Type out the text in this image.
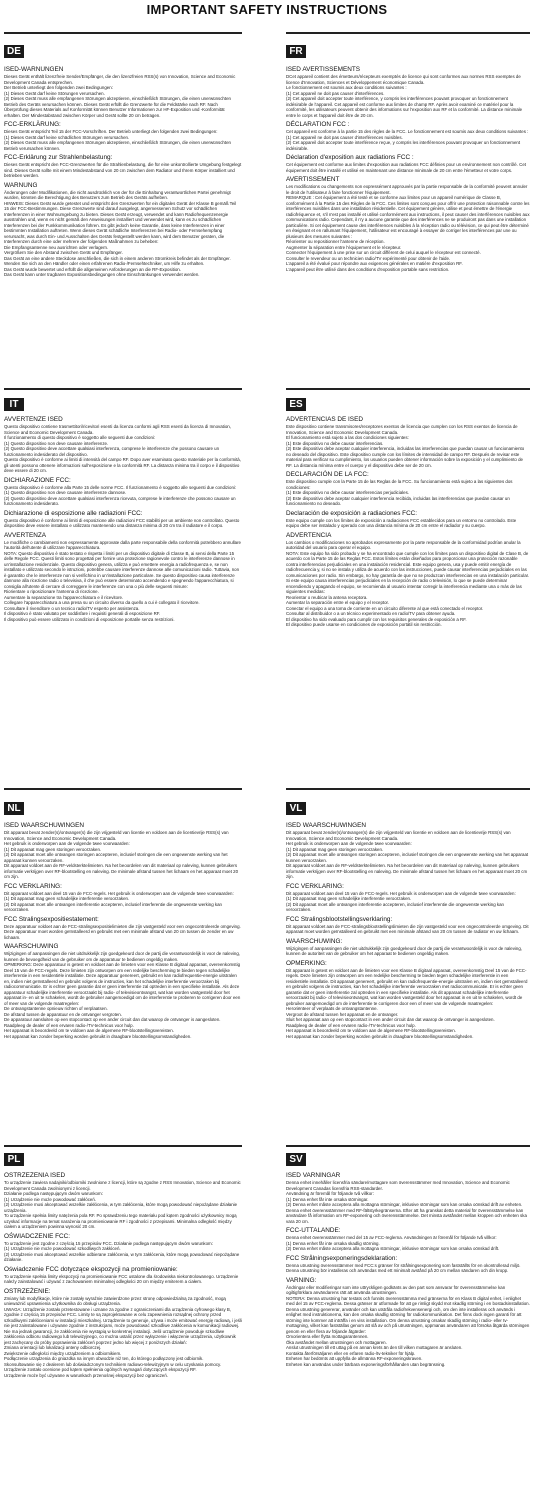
IMPORTANT SAFETY INSTRUCTIONS
DE	FR
ISED-WARNUNGEN
Dieses Gerät enthält lizenzfreie Sender/Empfänger, die den lizenzfreien RSS(s) von Innovation, Science and Economic Development Canada entsprechen.
Der Betrieb unterliegt den folgenden zwei Bedingungen:
(1) Dieses Gerät darf keine Störungen verursachen.
(2) Dieses Gerät muss alle empfangenen Störungen akzeptieren, einschließlich Störungen, die einen unerwünschten Betrieb des Geräts verursachen können. Dieses Gerät erfüllt die Grenzwerte für die Feldstärke nach RF. Nach Überprüfung dieses Materials auf Konformität können Benutzer Informationen zur HF-Exposition und -Konformität erhalten. Der Mindestabstand zwischen Körper und Gerät sollte 20 cm betragen.
FCC-ERKLÄRUNG:
Dieses Gerät entspricht Teil 15 der FCC-Vorschriften. Der Betrieb unterliegt den folgenden zwei Bedingungen:
(1) Dieses Gerät darf keine schädlichen Störungen verursachen.
(2) Dieses Gerät muss alle empfangenen Störungen akzeptieren, einschließlich Störungen, die einen unerwünschten Betrieb verursachen können.
FCC-Erklärung zur Strahlenbelastung:
Dieses Gerät entspricht den FCC-Grenzwerten für die Strahlenbelastung, die für eine unkontrollierte Umgebung festgelegt sind. Dieses Gerät sollte mit einem Mindestabstand von 20 cm zwischen dem Radiator und Ihrem Körper installiert und betrieben werden.
WARNUNG
Änderungen oder Modifikationen, die nicht ausdrücklich von der für die Einhaltung verantwortlichen Partei genehmigt wurden, könnten die Berechtigung des Benutzers zum Betrieb des Geräts aufheben.
HINWEIS: Dieses Gerät wurde getestet und entspricht den Grenzwerten für ein digitales Gerät der Klasse B gemäß Teil 15 der FCC-Bestimmungen. Diese Grenzwerte sind darauf ausgelegt, angemessenen Schutz vor schädlichen Interferenzen in einer Wohnumgebung zu bieten. Dieses Gerät erzeugt, verwendet und kann Radiofrequenzenergie ausstrahlen und, wenn es nicht gemäß den Anweisungen installiert und verwendet wird, kann es zu schädlichen Interferenzen bei der Funkkommunikation führen. Es gibt jedoch keine Garantie, dass keine Interferenzen in einer bestimmten Installation auftreten. Wenn dieses Gerät schädliche Interferenzen bei Radio- oder Fernsehempfang verursacht, was durch Ein- und Ausschalten des Geräts festgestellt werden kann, wird dem Benutzer geraten, die Interferenzen durch eine oder mehrere der folgenden Maßnahmen zu beheben:
Die Empfangsantenne neu ausrichten oder verlagern.
Vergrößern Sie den Abstand zwischen Gerät und Empfänger.
Das Gerät an eine andere Steckdose anschließen, die sich in einem anderen Stromkreis befindet als der Empfänger.
Wenden Sie sich an den Händler oder einen erfahrenen Radio-/Fernsehtechniker, um Hilfe zu erhalten.
Das Gerät wurde bewertet und erfüllt die allgemeinen Anforderungen an die RF-Exposition.
Das Gerät kann unter tragbaren Expositionsbedingungen ohne Einschränkungen verwendet werden.
ISED AVERTISSEMENTS
DCet appareil contient des émetteurs/récepteurs exemptés de licence qui sont conformes aux normes RSS exemptes de licence d'Innovation, Sciences et Développement économique Canada.
Le fonctionnement est soumis aux deux conditions suivantes :
(1) Cet appareil ne doit pas causer d'interférences.
(2) Cet appareil doit accepter toute interférence, y compris les interférences pouvant provoquer un fonctionnement indésirable de l'appareil. Cet appareil est conforme aux limites de champ RF. Après avoir examiné ce matériel pour la conformité, les utilisateurs peuvent obtenir des informations sur l'exposition aux RF et la conformité. La distance minimale entre le corps et l'appareil doit être de 20 cm.
DÉCLARATION FCC :
Cet appareil est conforme à la partie 15 des règles de la FCC. Le fonctionnement est soumis aux deux conditions suivantes :
(1) Cet appareil ne doit pas causer d'interférences nuisibles.
(2) Cet appareil doit accepter toute interférence reçue, y compris les interférences pouvant provoquer un fonctionnement indésirable.
Déclaration d'exposition aux radiations FCC :
Cet équipement est conforme aux limites d'exposition aux radiations FCC définies pour un environnement non contrôlé. Cet équipement doit être installé et utilisé en maintenant une distance minimale de 20 cm entre l'émetteur et votre corps.
AVERTISSEMENT
Les modifications ou changements non expressément approuvés par la partie responsable de la conformité peuvent annuler le droit de l'utilisateur à faire fonctionner l'équipement.
REMARQUE : Cet équipement a été testé et se conforme aux limites pour un appareil numérique de Classe B, conformément à la Partie 15 des Règles de la FCC. Ces limites sont conçues pour offrir une protection raisonnable contre les interférences nuisibles dans une installation résidentielle. Cet équipement génère, utilise et peut émettre de l'énergie radiofréquence et, s'il n'est pas installé et utilisé conformément aux instructions, il peut causer des interférences nuisibles aux communications radio. Cependant, il n'y a aucune garantie que des interférences ne se produiront pas dans une installation particulière. Si cet équipement cause des interférences nuisibles à la réception radio ou télévision, ce qui peut être déterminé en éteignant et en rallumant l'équipement, l'utilisateur est encouragé à essayer de corriger les interférences par une ou plusieurs des mesures suivantes :
Réorienter ou repositionner l'antenne de réception.
Augmenter la séparation entre l'équipement et le récepteur.
Connecter l'équipement à une prise sur un circuit différent de celui auquel le récepteur est connecté.
Consulter le revendeur ou un technicien radio/TV expérimenté pour obtenir de l'aide.
L'appareil a été évalué pour répondre aux exigences générales en matière d'exposition RF.
L'appareil peut être utilisé dans des conditions d'exposition portable sans restriction.
IT	ES
AVVERTENZE ISED
Questo dispositivo contiene trasmettitori/ricevitori esenti da licenza conformi agli RSS esenti da licenza di Innovation, Science and Economic Development Canada.
Il funzionamento di questo dispositivo è soggetto alle seguenti due condizioni:
(1) Questo dispositivo non deve causare interferenze.
(2) Questo dispositivo deve accettare qualsiasi interferenza, comprese le interferenze che possono causare un funzionamento indesiderato del dispositivo.
Questo dispositivo è conforme ai limiti di intensità del campo RF. Dopo aver esaminato questo materiale per la conformità, gli utenti possono ottenere informazioni sull'esposizione e la conformità RF. La distanza minima tra il corpo e il dispositivo deve essere di 20 cm.
DICHIARAZIONE FCC:
Questo dispositivo è conforme alla Parte 15 delle norme FCC. Il funzionamento è soggetto alle seguenti due condizioni:
(1) Questo dispositivo non deve causare interferenze dannose.
(2) Questo dispositivo deve accettare qualsiasi interferenza ricevuta, comprese le interferenze che possono causare un funzionamento indesiderato.
Dichiarazione di esposizione alle radiazioni FCC:
Questo dispositivo è conforme ai limiti di esposizione alle radiazioni FCC stabiliti per un ambiente non controllato. Questo dispositivo deve essere installato e utilizzato mantenendo una distanza minima di 20 cm tra il radiatore e il corpo.
AVVERTENZA
Le modifiche o cambiamenti non espressamente approvate dalla parte responsabile della conformità potrebbero annullare l'autorità dell'utente di utilizzare l'apparecchiatura.
NOTA: Questo dispositivo è stato testato e rispetta i limiti per un dispositivo digitale di Classe B, ai sensi della Parte 15 delle Regole FCC. Questi limiti sono progettati per fornire una protezione ragionevole contro le interferenze dannose in un'installazione residenziale. Questo dispositivo genera, utilizza e può emettere energia a radiofrequenza e, se non installato e utilizzato secondo le istruzioni, potrebbe causare interferenze dannose alle comunicazioni radio. Tuttavia, non è garantito che le interferenze non si verifichino in un'installazione particolare. Se questo dispositivo causa interferenze dannose alla ricezione radio o televisiva, il che può essere determinato accendendo e spegnendo l'apparecchiatura, si consiglia all'utente di cercare di correggere le interferenze con una o più delle seguenti misure:
Riorientare o riposizionare l'antenna di ricezione.
Aumentare la separazione tra l'apparecchiatura e il ricevitore.
Collegare l'apparecchiatura a una presa su un circuito diverso da quello a cui è collegato il ricevitore.
Consultare il rivenditore o un tecnico radio/TV esperto per assistenza.
Il dispositivo è stato valutato per soddisfare i requisiti generali di esposizione RF.
Il dispositivo può essere utilizzato in condizioni di esposizione portatile senza restrizioni.
ADVERTENCIAS DE ISED
Este dispositivo contiene transmisores/receptores exentos de licencia que cumplen con los RSS exentos de licencia de Innovation, Science and Economic Development Canada.
El funcionamiento está sujeto a las dos condiciones siguientes:
(1) Este dispositivo no debe causar interferencias.
(2) Este dispositivo debe aceptar cualquier interferencia, incluidas las interferencias que puedan causar un funcionamiento no deseado del dispositivo. Este dispositivo cumple con los límites de intensidad de campo RF. Después de revisar este material para verificar su cumplimiento, los usuarios pueden obtener información sobre la exposición y el cumplimiento de RF. La distancia mínima entre el cuerpo y el dispositivo debe ser de 20 cm.
DECLARACIÓN DE LA FCC:
Este dispositivo cumple con la Parte 15 de las Reglas de la FCC. Su funcionamiento está sujeto a las siguientes dos condiciones:
(1) Este dispositivo no debe causar interferencias perjudiciales.
(2) Este dispositivo debe aceptar cualquier interferencia recibida, incluidas las interferencias que puedan causar un funcionamiento no deseado.
Declaración de exposición a radiaciones FCC:
Este equipo cumple con los límites de exposición a radiaciones FCC establecidos para un entorno no controlado. Este equipo debe ser instalado y operado con una distancia mínima de 20 cm entre el radiador y su cuerpo.
ADVERTENCIA
Los cambios o modificaciones no aprobados expresamente por la parte responsable de la conformidad podrían anular la autoridad del usuario para operar el equipo.
NOTA: Este equipo ha sido probado y se ha encontrado que cumple con los límites para un dispositivo digital de Clase B, de acuerdo con la Parte 15 de las Reglas FCC. Estos límites están diseñados para proporcionar una protección razonable contra interferencias perjudiciales en una instalación residencial. Este equipo genera, usa y puede emitir energía de radiofrecuencia y, si no se instala y utiliza de acuerdo con las instrucciones, puede causar interferencias perjudiciales en las comunicaciones por radio. Sin embargo, no hay garantía de que no se produzcan interferencias en una instalación particular. Si este equipo causa interferencias perjudiciales en la recepción de radio o televisión, lo que se puede determinar encendiendo y apagando el equipo, se recomienda al usuario intentar corregir la interferencia mediante una o más de las siguientes medidas:
Reorientar o reubicar la antena receptora.
Aumentar la separación entre el equipo y el receptor.
Conectar el equipo a una toma de corriente en un circuito diferente al que está conectado el receptor.
Consultar al distribuidor o a un técnico experimentado en radio/TV para obtener ayuda.
El dispositivo ha sido evaluado para cumplir con los requisitos generales de exposición a RF.
El dispositivo puede usarse en condiciones de exposición portátil sin restricción.
NL	VL
ISED WAARSCHUWINGEN
Dit apparaat bevat zender(s)/ontvanger(s) die zijn vrijgesteld van licentie en voldoen aan de licentievrije RSS(s) van Innovation, Science and Economic Development Canada.
Het gebruik is onderworpen aan de volgende twee voorwaarden:
(1) Dit apparaat mag geen storingen veroorzaken.
(2) Dit apparaat moet alle ontvangen storingen accepteren, inclusief storingen die een ongewenste werking van het apparaat kunnen veroorzaken.
Dit apparaat voldoet aan de RF-veldsterktelimieten. Na het beoordelen van dit materiaal op naleving, kunnen gebruikers informatie verkrijgen over RF-blootstelling en naleving. De minimale afstand tussen het lichaam en het apparaat moet 20 cm zijn.
FCC VERKLARING:
Dit apparaat voldoet aan deel 15 van de FCC-regels. Het gebruik is onderworpen aan de volgende twee voorwaarden:
(1) Dit apparaat mag geen schadelijke interferentie veroorzaken.
(2) Dit apparaat moet alle ontvangen interferentie accepteren, inclusief interferentie die ongewenste werking kan veroorzaken.
FCC Stralingsexpositiestatement:
Deze apparatuur voldoet aan de FCC-stralingsexpositielimieten die zijn vastgesteld voor een ongecontroleerde omgeving. Deze apparatuur moet worden geïnstalleerd en gebruikt met een minimale afstand van 20 cm tussen de zender en uw lichaam.
WAARSCHUWING
Wijzigingen of aanpassingen die niet uitdrukkelijk zijn goedgekeurd door de partij die verantwoordelijk is voor de naleving, kunnen de bevoegdheid van de gebruiker om de apparatuur te bedienen ongeldig maken.
OPMERKING: Deze apparatuur is getest en voldoet aan de limieten voor een Klasse B digitaal apparaat, overeenkomstig Deel 15 van de FCC-regels. Deze limieten zijn ontworpen om een redelijke bescherming te bieden tegen schadelijke interferentie in een residentiële installatie. Deze apparatuur genereert, gebruikt en kan radiofrequentie-energie uitstralen en, indien niet geïnstalleerd en gebruikt volgens de instructies, kan het schadelijke interferentie veroorzaken bij radiocommunicatie. Er is echter geen garantie dat er geen interferentie zal optreden in een specifieke installatie. Als deze apparatuur schadelijke interferentie veroorzaakt bij radio- of televisieontvangst, wat kan worden vastgesteld door het apparaat in- en uit te schakelen, wordt de gebruiker aangemoedigd om de interferentie te proberen te corrigeren door een of meer van de volgende maatregelen:
De ontvangstantenne opnieuw richten of verplaatsen.
De afstand tussen de apparatuur en de ontvanger vergroten.
De apparatuur aansluiten op een stopcontact op een ander circuit dan dat waarop de ontvanger is aangesloten.
Raadpleeg de dealer of een ervaren radio-/TV-technicus voor hulp.
Het apparaat is beoordeeld om te voldoen aan de algemene RF-blootstellingsvereisten.
Het apparaat kan zonder beperking worden gebruikt in draagbare blootstellingsomstandigheden.
ISED WAARSCHUWINGEN
Dit apparaat bevat zender(s)/ontvanger(s) die zijn vrijgesteld van licentie en voldoen aan de licentievrije RSS(s) van Innovation, Science and Economic Development Canada.
Het gebruik is onderworpen aan de volgende twee voorwaarden:
(1) Dit apparaat mag geen storingen veroorzaken.
(2) Dit apparaat moet alle ontvangen storingen accepteren, inclusief storingen die een ongewenste werking van het apparaat kunnen veroorzaken.
Dit apparaat voldoet aan de RF-veldsterktelimieten. Na het beoordelen van dit materiaal op naleving, kunnen gebruikers informatie verkrijgen over RF-blootstelling en naleving. De minimale afstand tussen het lichaam en het apparaat moet 20 cm zijn.
FCC VERKLARING:
Dit apparaat voldoet aan deel 15 van de FCC-regels. Het gebruik is onderworpen aan de volgende twee voorwaarden:
(1) Dit apparaat mag geen schadelijke interferentie veroorzaken.
(2) Dit apparaat moet alle ontvangen interferentie accepteren, inclusief interferentie die ongewenste werking kan veroorzaken.
FCC Stralingsblootstellingsverklaring:
Dit apparaat voldoet aan de FCC-stralingsblootstellingslimieten die zijn vastgesteld voor een ongecontroleerde omgeving. Dit apparaat moet worden geïnstalleerd en gebruikt met een minimale afstand van 20 cm tussen de radiator en uw lichaam.
WAARSCHUWING:
Wijzigingen of aanpassingen die niet uitdrukkelijk zijn goedgekeurd door de partij die verantwoordelijk is voor de naleving, kunnen de autoriteit van de gebruiker om het apparaat te bedienen ongeldig maken.
OPMERKING:
Dit apparaat is getest en voldoet aan de limieten voor een Klasse B digitaal apparaat, overeenkomstig Deel 15 van de FCC-regels. Deze limieten zijn ontworpen om een redelijke bescherming te bieden tegen schadelijke interferentie in een residentiële installatie. Dit apparaat genereert, gebruikt en kan radiofrequentie-energie uitstralen en, indien niet geïnstalleerd en gebruikt volgens de instructies, kan het schadelijke interferentie veroorzaken met radiocommunicatie. Er is echter geen garantie dat er geen interferentie zal optreden in een specifieke installatie. Als dit apparaat schadelijke interferentie veroorzaakt bij radio- of televisieontvangst, wat kan worden vastgesteld door het apparaat in en uit te schakelen, wordt de gebruiker aangemoedigd om de interferentie te corrigeren door een of meer van de volgende maatregelen:
Heroriënteer of verplaats de ontvangstantenne.
Vergroot de afstand tussen het apparaat en de ontvanger.
Sluit het apparaat aan op een stopcontact in een ander circuit dan dat waarop de ontvanger is aangesloten.
Raadpleeg de dealer of een ervaren radio-/TV-technicus voor hulp.
Het apparaat is beoordeeld om te voldoen aan de algemene RF-blootstellingsvereisten.
Het apparaat kan zonder beperking worden gebruikt in draagbare blootstellingsomstandigheden.
PL	SV
OSTRZEŻENIA ISED
To urządzenie zawiera nadajniki/odbiorniki zwolnione z licencji, które są zgodne z RSS Innovation, Science and Economic Development Canada zwolnionymi z licencji.
Działanie podlega następującym dwóm warunkom:
(1) Urządzenie nie może powodować zakłóceń.
(2) Urządzenie musi akceptować wszelkie zakłócenia, w tym zakłócenia, które mogą powodować niepożądane działanie urządzenia.
To urządzenie spełnia limity natężenia pola RF. Po sprawdzeniu tego materiału pod kątem zgodności użytkownicy mogą uzyskać informacje na temat narażenia na promieniowanie RF i zgodności z przepisami. Minimalna odległość między ciałem a urządzeniem powinna wynosić 20 cm.
OŚWIADCZENIE FCC:
To urządzenie jest zgodne z częścią 15 przepisów FCC. Działanie podlega następującym dwóm warunkom:
(1) Urządzenie nie może powodować szkodliwych zakłóceń.
(2) Urządzenie musi akceptować wszelkie odbierane zakłócenia, w tym zakłócenia, które mogą powodować niepożądane działanie.
Oświadczenie FCC dotyczące ekspozycji na promieniowanie:
To urządzenie spełnia limity ekspozycji na promieniowanie FCC ustalone dla środowiska niekontrolowanego. Urządzenie należy zainstalować i używać z zachowaniem minimalnej odległości 20 cm między emiterem a ciałem.
OSTRZEŻENIE:
Zmiany lub modyfikacje, które nie zostały wyraźnie zatwierdzone przez stronę odpowiedzialną za zgodność, mogą unieważnić uprawnienia użytkownika do obsługi urządzenia.
UWAGA: Urządzenie zostało przetestowane i uznane za zgodne z ograniczeniami dla urządzenia cyfrowego klasy B, zgodnie z częścią 15 przepisów FCC. Limity te są zaprojektowane w celu zapewnienia rozsądnej ochrony przed szkodliwymi zakłóceniami w instalacji mieszkalnej. Urządzenie to generuje, używa i może emitować energię radiową, i jeśli nie jest zainstalowane i używane zgodnie z instrukcjami, może powodować szkodliwe zakłócenia w komunikacji radiowej. Nie ma jednak gwarancji, że zakłócenia nie wystąpią w konkretnej instalacji. Jeśli urządzenie powoduje szkodliwe zakłócenia odbioru radiowego lub telewizyjnego, co można ustalić przez wyłączenie i włączenie urządzenia, użytkownik jest zachęcany do próby poprawienia zakłóceń poprzez jedno lub więcej z poniższych działań:
Zmiana orientacji lub lokalizacji anteny odbiorczej.
Zwiększenie odległości między urządzeniem a odbiornikiem.
Podłączenie urządzenia do gniazdka na innym obwodzie niż ten, do którego podłączony jest odbiornik.
Skonsultowanie się z dealerem lub doświadczonym technikiem radiowo-telewizyjnym w celu uzyskania pomocy.
Urządzenie zostało ocenione pod kątem spełnienia ogólnych wymagań dotyczących ekspozycji RF.
Urządzenie może być używane w warunkach przenośnej ekspozycji bez ograniczeń.
ISED VARNINGAR
Denna enhet innehåller licensfria sändare/mottagare som överensstämmer med Innovation, Science and Economic Development Canadas licensfria RSS-standarder.
Användning är föremål för följande två villkor:
(1) Denna enhet får inte orsaka störningar.
(2) Denna enhet måste acceptera alla mottagna störningar, inklusive störningar som kan orsaka oönskad drift av enheten.
Denna enhet överensstämmer med RF-fältstyrkegränserna. Efter att ha granskat detta material för överensstämmelse kan användare få information om RF-exponering och överensstämmelse. Det minsta avståndet mellan kroppen och enheten ska vara 20 cm.
FCC-UTTALANDE:
Denna enhet överensstämmer med del 15 av FCC-reglerna. Användningen är föremål för följande två villkor:
(1) Denna enhet får inte orsaka skadlig störning.
(2) Denna enhet måste acceptera alla mottagna störningar, inklusive störningar som kan orsaka oönskad drift.
FCC Strålningsexponeringsdeklaration:
Denna utrustning överensstämmer med FCC:s gränser för strålningsexponering som fastställts för en okontrollerad miljö. Denna utrustning bör installeras och användas med ett minimalt avstånd på 20 cm mellan sändaren och din kropp.
VARNING:
Ändringar eller modifieringar som inte uttryckligen godkänts av den part som ansvarar för överensstämmelse kan ogiltigförklara användarens rätt att använda utrustningen.
NOTERA: Denna utrustning har testats och funnits överensstämma med gränserna för en Klass B digital enhet, i enlighet med del 15 av FCC-reglerna. Dessa gränser är utformade för att ge rimligt skydd mot skadlig störning i en bostadsinstallation. Denna utrustning genererar, använder och kan utstråla radiofrekvensenergi och, om den inte installeras och används i enlighet med instruktionerna, kan den orsaka skadlig störning för radiokommunikation. Det finns dock ingen garanti för att störning inte kommer att inträffa i en viss installation. Om denna utrustning orsakar skadlig störning i radio- eller tv-mottagning, vilket kan fastställas genom att slå av och på utrustningen, uppmanas användaren att försöka åtgärda störningen genom en eller flera av följande åtgärder:
Omorientera eller flytta mottagarantennen.
Öka avståndet mellan utrustningen och mottagaren.
Anslut utrustningen till ett uttag på en annan krets än den till vilken mottagaren är ansluten.
Kontakta återförsäljaren eller en erfaren radio-/tv-tekniker för hjälp.
Enheten har bedömts att uppfylla de allmänna RF-exponeringskraven.
Enheten kan användas under bärbara exponeringsförhållanden utan begränsning.
